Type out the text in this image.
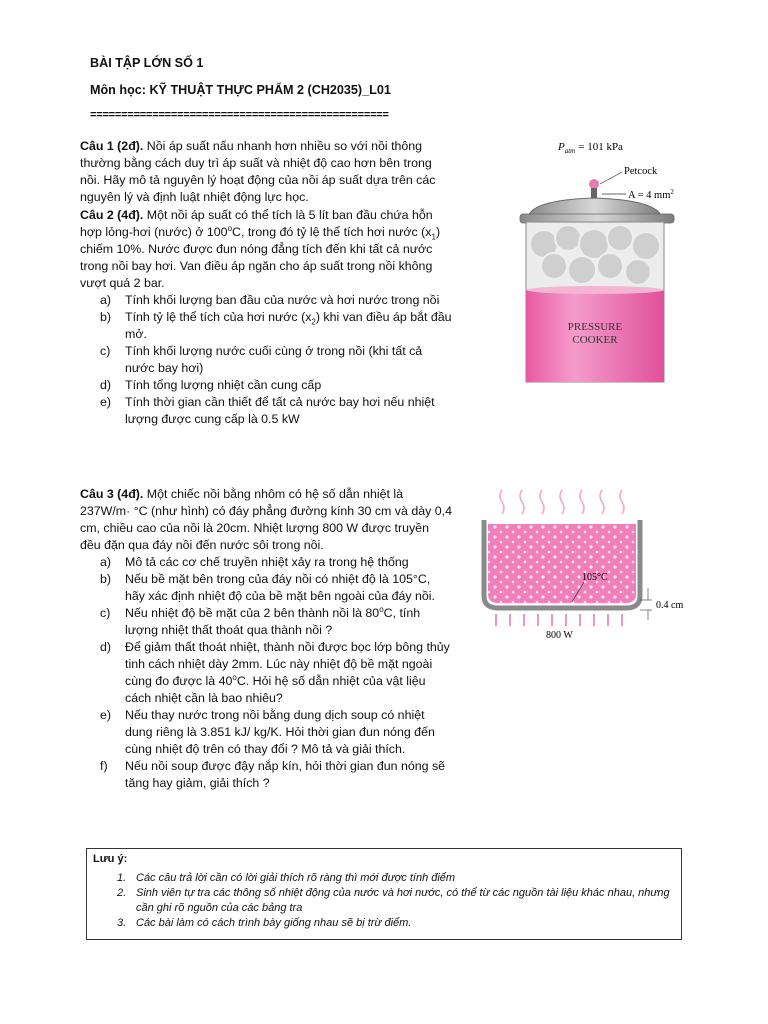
BÀI TẬP LỚN SỐ 1
Môn học: KỸ THUẬT THỰC PHẨM 2 (CH2035)_L01
================================================

Câu 1 (2đ). Nồi áp suất nấu nhanh hơn nhiều so với nồi thông thường bằng cách duy trì áp suất và nhiệt độ cao hơn bên trong nồi. Hãy mô tả nguyên lý hoạt động của nồi áp suất dựa trên các nguyên lý và định luật nhiệt động lực học.

Câu 2 (4đ). Một nồi áp suất có thể tích là 5 lít ban đầu chứa hỗn hợp lỏng-hơi (nước) ở 100$^o$C, trong đó tỷ lệ thể tích hơi nước $(x_1)$ chiếm 10%. Nước được đun nóng đẳng tích đến khi tất cả nước trong nồi bay hơi. Van điều áp ngăn cho áp suất trong nồi không vượt quá 2 bar.

a) Tính khối lượng ban đầu của nước và hơi nước trong nồi
b) Tính tỷ lệ thể tích của hơi nước $(x_2)$ khi van điều áp bắt đầu mở.
c) Tính khối lượng nước cuối cùng ở trong nồi (khi tất cả nước bay hơi)
d) Tính tổng lượng nhiệt cần cung cấp
e) Tính thời gian cần thiết để tất cả nước bay hơi nếu nhiệt lượng được cung cấp là 0.5 kW

Câu 3 (4đ). Một chiếc nồi bằng nhôm có hệ số dẫn nhiệt là 237W/m· °C (như hình) có đáy phẳng đường kính 30 cm và dày 0,4 cm, chiều cao của nồi là 20cm. Nhiệt lượng 800 W được truyền đều đặn qua đáy nồi đến nước sôi trong nồi.

a) Mô tả các cơ chế truyền nhiệt xảy ra trong hệ thống
b) Nếu bề mặt bên trong của đáy nồi có nhiệt độ là 105°C, hãy xác định nhiệt độ của bề mặt bên ngoài của đáy nồi.
c) Nếu nhiệt độ bề mặt của 2 bên thành nồi là 80$^o$C, tính lượng nhiệt thất thoát qua thành nồi ?
d) Để giảm thất thoát nhiệt, thành nồi được bọc lớp bông thủy tinh cách nhiệt dày 2mm. Lúc này nhiệt độ bề mặt ngoài cùng đo được là 40$^o$C. Hỏi hệ số dẫn nhiệt của vật liệu cách nhiệt cần là bao nhiêu?
e) Nếu thay nước trong nồi bằng dung dịch soup có nhiệt dung riêng là 3.851 kJ/ kg/K. Hỏi thời gian đun nóng đến cùng nhiệt độ trên có thay đổi ? Mô tả và giải thích.
f) Nếu nồi soup được đậy nắp kín, hỏi thời gian đun nóng sẽ tăng hay giảm, giải thích ?
$P_{atm} = 101$ kPa
Petcock
A = 4 $mm^2$
PRESSURE
COOKER
105°C
0.4 cm
800 W
Lưu ý:
1. Các câu trả lời cần có lời giải thích rõ ràng thì mới được tính điểm
2. Sinh viên tự tra các thông số nhiệt động của nước và hơi nước, có thể từ các nguồn tài liệu khác nhau, nhưng cần ghi rõ nguồn của các bảng tra
3. Các bài làm có cách trình bày giống nhau sẽ bị trừ điểm.
